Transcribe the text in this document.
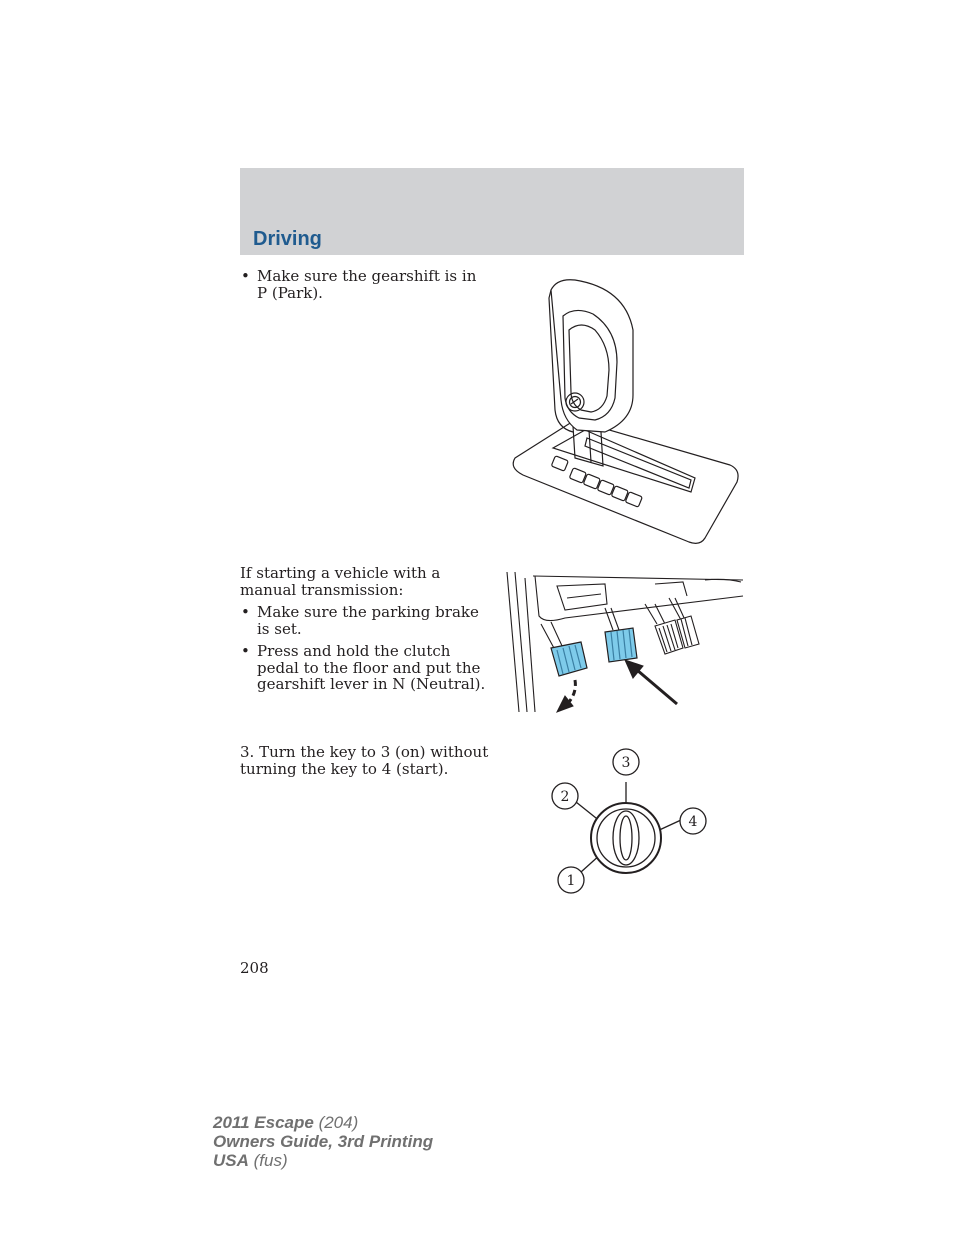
Driving

• Make sure the gearshift is in P (Park).

If starting a vehicle with a manual transmission:

• Make sure the parking brake is set.

• Press and hold the clutch pedal to the floor and put the gearshift lever in N (Neutral).

3. Turn the key to 3 (on) without turning the key to 4 (start).

1
2
3
4
208
2011 Escape (204)
Owners Guide, 3rd Printing
USA (fus)
